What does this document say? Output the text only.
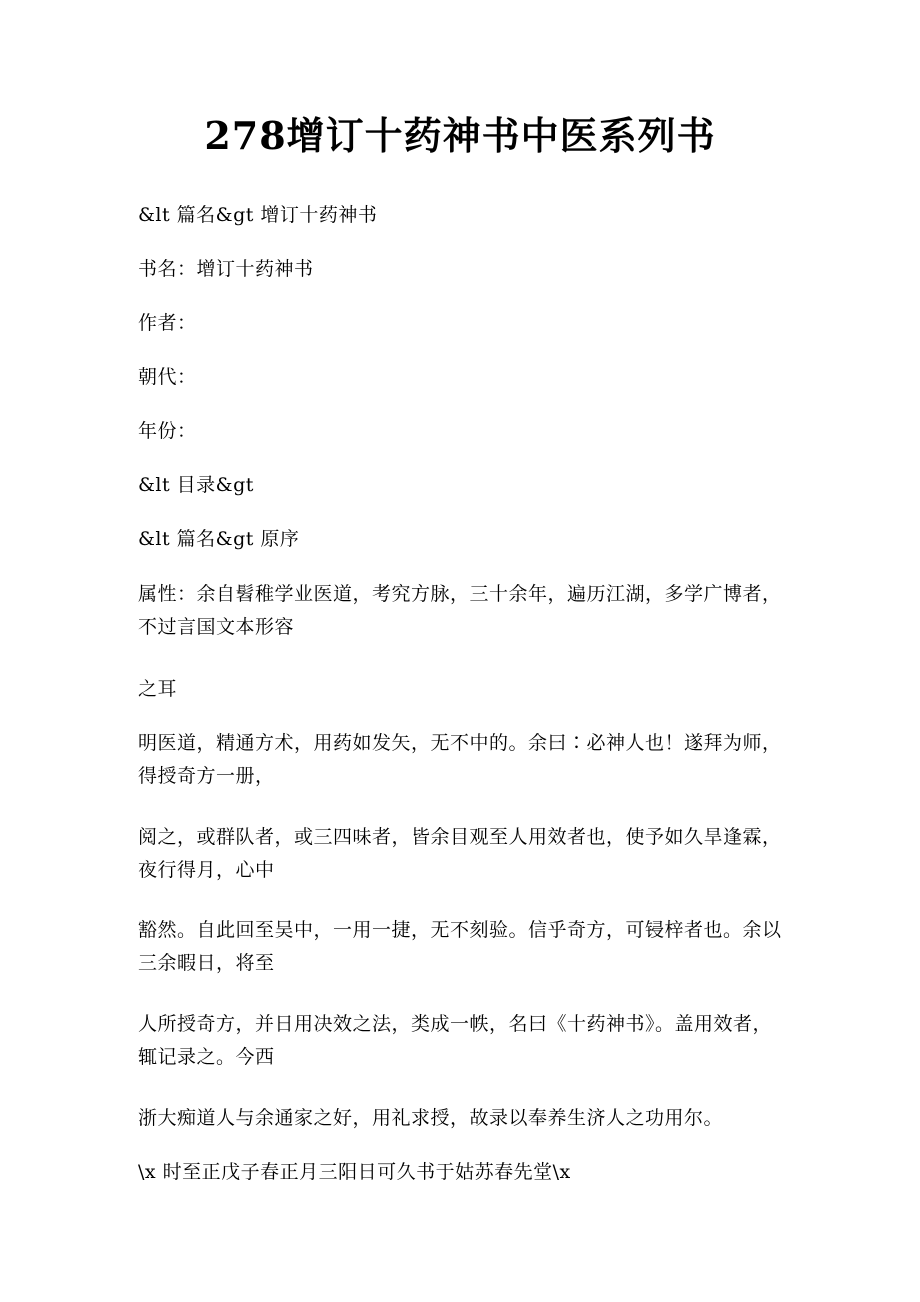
278增订十药神书中医系列书

&lt 篇名&gt 增订十药神书

书名：增订十药神书

作者：

朝代：

年份：

&lt 目录&gt

&lt 篇名&gt 原序

属性：余自髫稚学业医道，考究方脉，三十余年，遍历江湖，多学广博者，不过言国文本形容

之耳

明医道，精通方术，用药如发矢，无不中的。余曰∶必神人也！遂拜为师，得授奇方一册，

阅之，或群队者，或三四味者，皆余目观至人用效者也，使予如久旱逢霖，夜行得月，心中

豁然。自此回至吴中，一用一捷，无不刻验。信乎奇方，可锓梓者也。余以三余暇日，将至

人所授奇方，并日用决效之法，类成一帙，名曰《十药神书》。盖用效者，辄记录之。今西

浙大痴道人与余通家之好，用礼求授，故录以奉养生济人之功用尔。

\x 时至正戊子春正月三阳日可久书于姑苏春先堂\x
